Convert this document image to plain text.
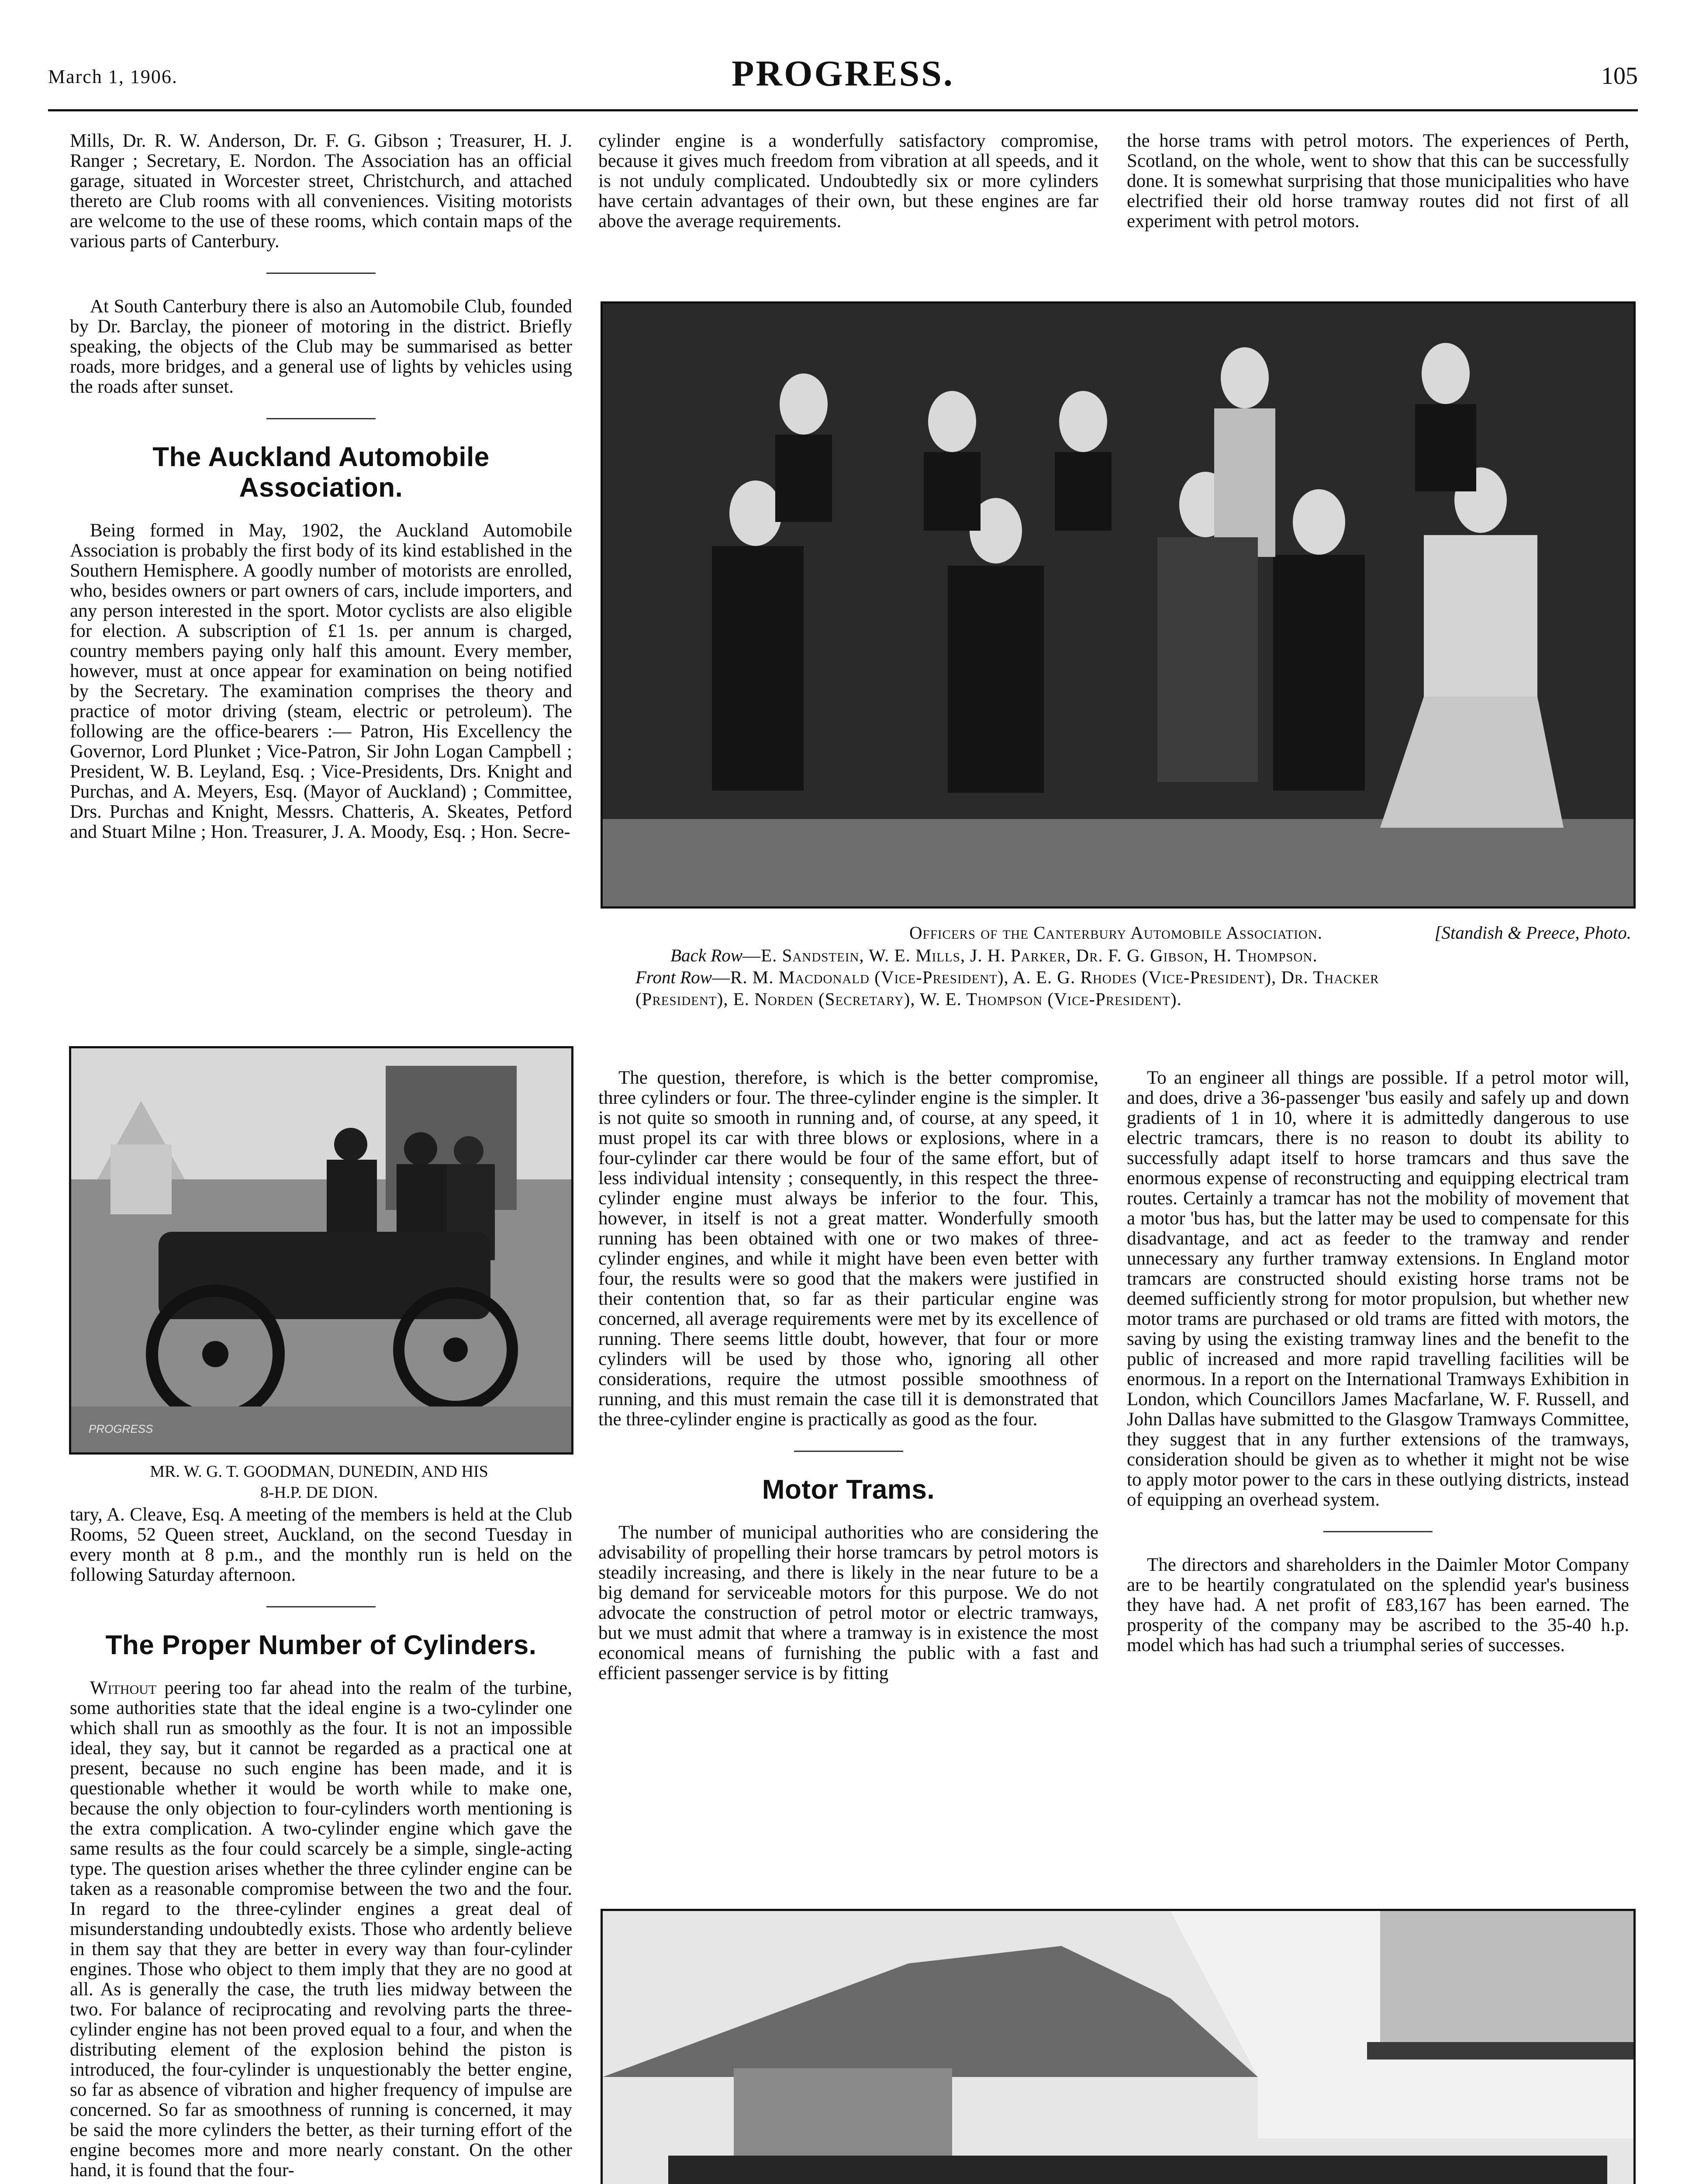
March 1, 1906.	PROGRESS.	105

Mills, Dr. R. W. Anderson, Dr. F. G. Gibson ; Treasurer, H. J. Ranger ; Secretary, E. Nordon. The Association has an official garage, situated in Worcester street, Christchurch, and attached thereto are Club rooms with all conveniences. Visiting motorists are welcome to the use of these rooms, which contain maps of the various parts of Canterbury.

At South Canterbury there is also an Automobile Club, founded by Dr. Barclay, the pioneer of motoring in the district. Briefly speaking, the objects of the Club may be summarised as better roads, more bridges, and a general use of lights by vehicles using the roads after sunset.

The Auckland Automobile Association.

Being formed in May, 1902, the Auckland Automobile Association is probably the first body of its kind established in the Southern Hemisphere. A goodly number of motorists are enrolled, who, besides owners or part owners of cars, include importers, and any person interested in the sport. Motor cyclists are also eligible for election. A subscription of £1 1s. per annum is charged, country members paying only half this amount. Every member, however, must at once appear for examination on being notified by the Secretary. The examination comprises the theory and practice of motor driving (steam, electric or petroleum). The following are the office-bearers :— Patron, His Excellency the Governor, Lord Plunket ; Vice-Patron, Sir John Logan Campbell ; President, W. B. Leyland, Esq. ; Vice-Presidents, Drs. Knight and Purchas, and A. Meyers, Esq. (Mayor of Auckland) ; Committee, Drs. Purchas and Knight, Messrs. Chatteris, A. Skeates, Petford and Stuart Milne ; Hon. Treasurer, J. A. Moody, Esq. ; Hon. Secre-

PROGRESS
MR. W. G. T. GOODMAN, DUNEDIN, AND HIS
8-H.P. DE DION.

tary, A. Cleave, Esq. A meeting of the members is held at the Club Rooms, 52 Queen street, Auckland, on the second Tuesday in every month at 8 p.m., and the monthly run is held on the following Saturday afternoon.

The Proper Number of Cylinders.

Without peering too far ahead into the realm of the turbine, some authorities state that the ideal engine is a two-cylinder one which shall run as smoothly as the four. It is not an impossible ideal, they say, but it cannot be regarded as a practical one at present, because no such engine has been made, and it is questionable whether it would be worth while to make one, because the only objection to four-cylinders worth mentioning is the extra complication. A two-cylinder engine which gave the same results as the four could scarcely be a simple, single-acting type. The question arises whether the three cylinder engine can be taken as a reasonable compromise between the two and the four. In regard to the three-cylinder engines a great deal of misunderstanding undoubtedly exists. Those who ardently believe in them say that they are better in every way than four-cylinder engines. Those who object to them imply that they are no good at all. As is generally the case, the truth lies midway between the two. For balance of reciprocating and revolving parts the three-cylinder engine has not been proved equal to a four, and when the distributing element of the explosion behind the piston is introduced, the four-cylinder is unquestionably the better engine, so far as absence of vibration and higher frequency of impulse are concerned. So far as smoothness of running is concerned, it may be said the more cylinders the better, as their turning effort of the engine becomes more and more nearly constant. On the other hand, it is found that the four-

cylinder engine is a wonderfully satisfactory compromise, because it gives much freedom from vibration at all speeds, and it is not unduly complicated. Undoubtedly six or more cylinders have certain advantages of their own, but these engines are far above the average requirements.

the horse trams with petrol motors. The experiences of Perth, Scotland, on the whole, went to show that this can be successfully done. It is somewhat surprising that those municipalities who have electrified their old horse tramway routes did not first of all experiment with petrol motors.

Officers of the Canterbury Automobile Association.	[Standish & Preece, Photo.
Back Row—E. Sandstein, W. E. Mills, J. H. Parker, Dr. F. G. Gibson, H. Thompson.
Front Row—R. M. Macdonald (Vice-President), A. E. G. Rhodes (Vice-President), Dr. Thacker
(President), E. Norden (Secretary), W. E. Thompson (Vice-President).

The question, therefore, is which is the better compromise, three cylinders or four. The three-cylinder engine is the simpler. It is not quite so smooth in running and, of course, at any speed, it must propel its car with three blows or explosions, where in a four-cylinder car there would be four of the same effort, but of less individual intensity ; consequently, in this respect the three-cylinder engine must always be inferior to the four. This, however, in itself is not a great matter. Wonderfully smooth running has been obtained with one or two makes of three-cylinder engines, and while it might have been even better with four, the results were so good that the makers were justified in their contention that, so far as their particular engine was concerned, all average requirements were met by its excellence of running. There seems little doubt, however, that four or more cylinders will be used by those who, ignoring all other considerations, require the utmost possible smoothness of running, and this must remain the case till it is demonstrated that the three-cylinder engine is practically as good as the four.

Motor Trams.

The number of municipal authorities who are considering the advisability of propelling their horse tramcars by petrol motors is steadily increasing, and there is likely in the near future to be a big demand for serviceable motors for this purpose. We do not advocate the construction of petrol motor or electric tramways, but we must admit that where a tramway is in existence the most economical means of furnishing the public with a fast and efficient passenger service is by fitting

To an engineer all things are possible. If a petrol motor will, and does, drive a 36-passenger 'bus easily and safely up and down gradients of 1 in 10, where it is admittedly dangerous to use electric tramcars, there is no reason to doubt its ability to successfully adapt itself to horse tramcars and thus save the enormous expense of reconstructing and equipping electrical tram routes. Certainly a tramcar has not the mobility of movement that a motor 'bus has, but the latter may be used to compensate for this disadvantage, and act as feeder to the tramway and render unnecessary any further tramway extensions. In England motor tramcars are constructed should existing horse trams not be deemed sufficiently strong for motor propulsion, but whether new motor trams are purchased or old trams are fitted with motors, the saving by using the existing tramway lines and the benefit to the public of increased and more rapid travelling facilities will be enormous. In a report on the International Tramways Exhibition in London, which Councillors James Macfarlane, W. F. Russell, and John Dallas have submitted to the Glasgow Tramways Committee, they suggest that in any further extensions of the tramways, consideration should be given as to whether it might not be wise to apply motor power to the cars in these outlying districts, instead of equipping an overhead system.

The directors and shareholders in the Daimler Motor Company are to be heartily congratulated on the splendid year's business they have had. A net profit of £83,167 has been earned. The prosperity of the company may be ascribed to the 35-40 h.p. model which has had such a triumphal series of successes.
